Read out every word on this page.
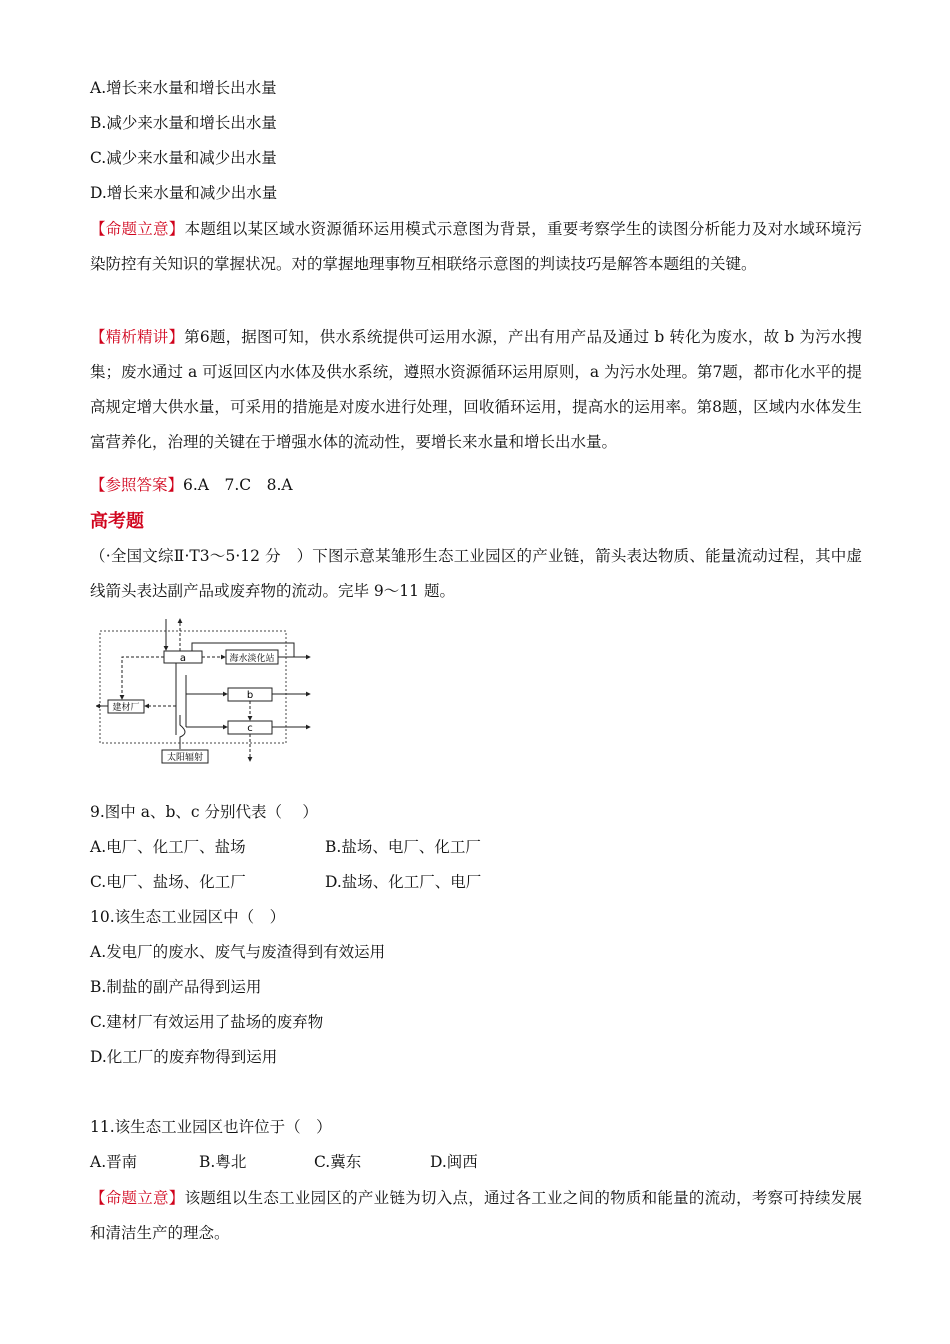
A.增长来水量和增长出水量
B.减少来水量和增长出水量
C.减少来水量和减少出水量
D.增长来水量和减少出水量
【命题立意】本题组以某区域水资源循环运用模式示意图为背景，重要考察学生的读图分析能力及对水域环境污染防控有关知识的掌握状况。对的掌握地理事物互相联络示意图的判读技巧是解答本题组的关键。
【精析精讲】第6题，据图可知，供水系统提供可运用水源，产出有用产品及通过 b 转化为废水，故 b 为污水搜集；废水通过 a 可返回区内水体及供水系统，遵照水资源循环运用原则，a 为污水处理。第7题，都市化水平的提高规定增大供水量，可采用的措施是对废水进行处理，回收循环运用，提高水的运用率。第8题，区域内水体发生富营养化，治理的关键在于增强水体的流动性，要增长来水量和增长出水量。
【参照答案】6.A　7.C　8.A
高考题
（·全国文综Ⅱ·T3～5·12 分　）下图示意某雏形生态工业园区的产业链，箭头表达物质、能量流动过程，其中虚线箭头表达副产品或废弃物的流动。完毕 9～11 题。
a	海水淡化站
b
c
建材厂
太阳辐射
9.图中 a、b、c 分别代表（　 ）
A.电厂、化工厂、盐场	B.盐场、电厂、化工厂
C.电厂、盐场、化工厂	D.盐场、化工厂、电厂
10.该生态工业园区中（　）
A.发电厂的废水、废气与废渣得到有效运用
B.制盐的副产品得到运用
C.建材厂有效运用了盐场的废弃物
D.化工厂的废弃物得到运用
11.该生态工业园区也许位于（　）
A.晋南	B.粤北	C.冀东	D.闽西
【命题立意】该题组以生态工业园区的产业链为切入点，通过各工业之间的物质和能量的流动，考察可持续发展和清洁生产的理念。
